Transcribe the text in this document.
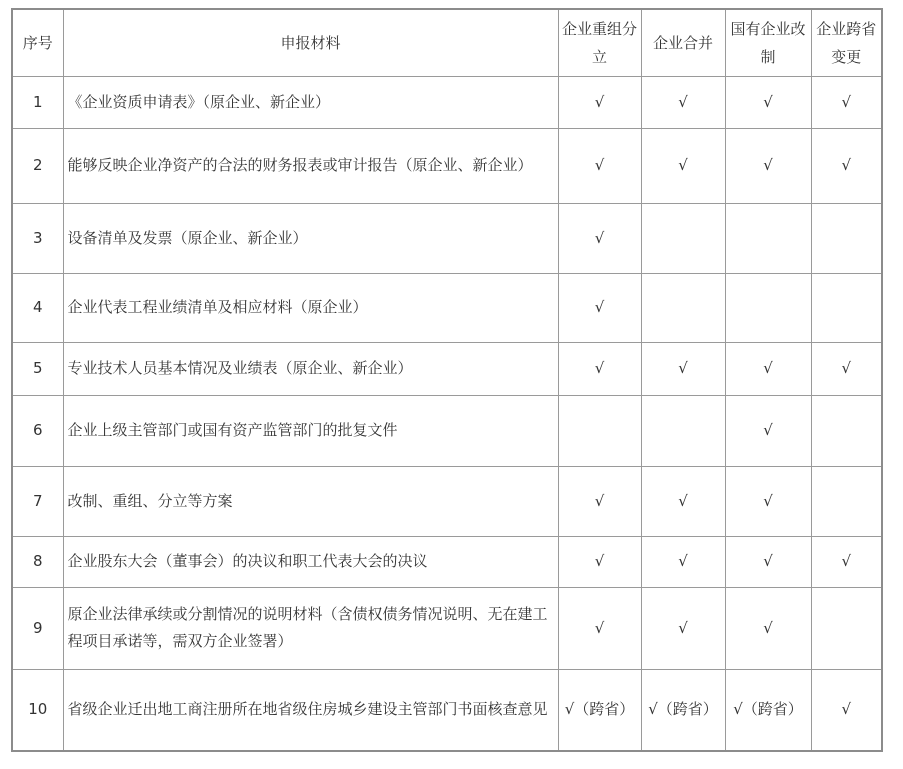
序号	申报材料	企业重组分立	企业合并	国有企业改制	企业跨省变更
1	《企业资质申请表》（原企业、新企业）	√	√	√	√
2	能够反映企业净资产的合法的财务报表或审计报告（原企业、新企业）	√	√	√	√
3	设备清单及发票（原企业、新企业）	√			
4	企业代表工程业绩清单及相应材料（原企业）	√			
5	专业技术人员基本情况及业绩表（原企业、新企业）	√	√	√	√
6	企业上级主管部门或国有资产监管部门的批复文件			√	
7	改制、重组、分立等方案	√	√	√	
8	企业股东大会（董事会）的决议和职工代表大会的决议	√	√	√	√
9	原企业法律承续或分割情况的说明材料（含债权债务情况说明、无在建工程项目承诺等，需双方企业签署）	√	√	√	
10	省级企业迁出地工商注册所在地省级住房城乡建设主管部门书面核查意见	√（跨省）	√（跨省）	√（跨省）	√
